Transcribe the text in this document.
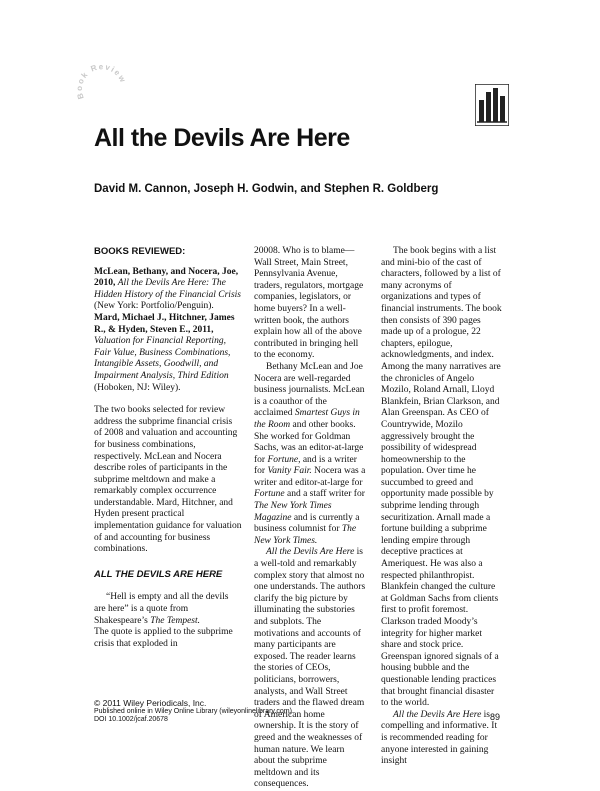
Book Review
All the Devils Are Here
David M. Cannon, Joseph H. Godwin, and Stephen R. Goldberg

BOOKS REVIEWED:

McLean, Bethany, and Nocera, Joe, 2010, All the Devils Are Here: The Hidden History of the Financial Crisis (New York: Portfolio/Penguin).

Mard, Michael J., Hitchner, James R., & Hyden, Steven E., 2011, Valuation for Financial Reporting, Fair Value, Business Combinations, Intangible Assets, Goodwill, and Impairment Analysis, Third Edition (Hoboken, NJ: Wiley).

The two books selected for review address the subprime financial crisis of 2008 and valuation and accounting for business combinations, respectively. McLean and Nocera describe roles of participants in the subprime meltdown and make a remarkably complex occurrence understandable. Mard, Hitchner, and Hyden present practical implementation guidance for valuation of and accounting for business combinations.

ALL THE DEVILS ARE HERE

“Hell is empty and all the devils are here” is a quote from Shakespeare’s The Tempest.

The quote is applied to the subprime crisis that exploded in

20008. Who is to blame—Wall Street, Main Street, Pennsylvania Avenue, traders, regulators, mortgage companies, legislators, or home buyers? In a well-written book, the authors explain how all of the above contributed in bringing hell to the economy.

Bethany McLean and Joe Nocera are well-regarded business journalists. McLean is a coauthor of the acclaimed Smartest Guys in the Room and other books. She worked for Goldman Sachs, was an editor-at-large for Fortune, and is a writer for Vanity Fair. Nocera was a writer and editor-at-large for Fortune and a staff writer for The New York Times Magazine and is currently a business columnist for The New York Times.

All the Devils Are Here is a well-told and remarkably complex story that almost no one understands. The authors clarify the big picture by illuminating the substories and subplots. The motivations and accounts of many participants are exposed. The reader learns the stories of CEOs, politicians, borrowers, analysts, and Wall Street traders and the flawed dream of American home ownership. It is the story of greed and the weaknesses of human nature. We learn about the subprime meltdown and its consequences.

The book begins with a list and mini-bio of the cast of characters, followed by a list of many acronyms of organizations and types of financial instruments. The book then consists of 390 pages made up of a prologue, 22 chapters, epilogue, acknowledgments, and index. Among the many narratives are the chronicles of Angelo Mozilo, Roland Arnall, Lloyd Blankfein, Brian Clarkson, and Alan Greenspan. As CEO of Countrywide, Mozilo aggressively brought the possibility of widespread homeownership to the population. Over time he succumbed to greed and opportunity made possible by subprime lending through securitization. Arnall made a fortune building a subprime lending empire through deceptive practices at Ameriquest. He was also a respected philanthropist. Blankfein changed the culture at Goldman Sachs from clients first to profit foremost. Clarkson traded Moody’s integrity for higher market share and stock price. Greenspan ignored signals of a housing bubble and the questionable lending practices that brought financial disaster to the world.

All the Devils Are Here is compelling and informative. It is recommended reading for anyone interested in gaining insight

© 2011 Wiley Periodicals, Inc.
Published online in Wiley Online Library (wileyonlinelibrary.com).
DOI 10.1002/jcaf.20678	89
